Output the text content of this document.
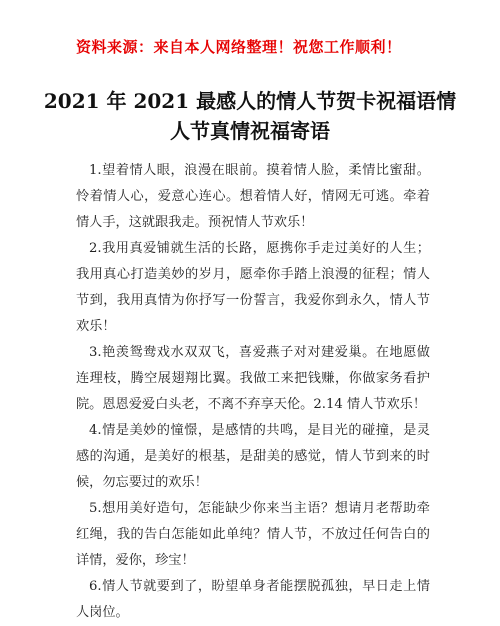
资料来源：来自本人网络整理！祝您工作顺利！
2021 年 2021 最感人的情人节贺卡祝福语情
人节真情祝福寄语

1.望着情人眼，浪漫在眼前。摸着情人脸，柔情比蜜甜。怜着情人心，爱意心连心。想着情人好，情网无可逃。牵着情人手，这就跟我走。预祝情人节欢乐！

2.我用真爱铺就生活的长路，愿携你手走过美好的人生；我用真心打造美妙的岁月，愿牵你手踏上浪漫的征程；情人节到，我用真情为你抒写一份誓言，我爱你到永久，情人节欢乐！

3.艳羡鸳鸯戏水双双飞，喜爱燕子对对建爱巢。在地愿做连理枝，腾空展翅翔比翼。我做工来把钱赚，你做家务看护院。恩恩爱爱白头老，不离不弃享天伦。2.14 情人节欢乐！

4.情是美妙的憧憬，是感情的共鸣，是目光的碰撞，是灵感的沟通，是美好的根基，是甜美的感觉，情人节到来的时候，勿忘要过的欢乐！

5.想用美好造句，怎能缺少你来当主语？想请月老帮助牵红绳，我的告白怎能如此单纯？情人节，不放过任何告白的详情，爱你，珍宝！

6.情人节就要到了，盼望单身者能摆脱孤独，早日走上情人岗位。
